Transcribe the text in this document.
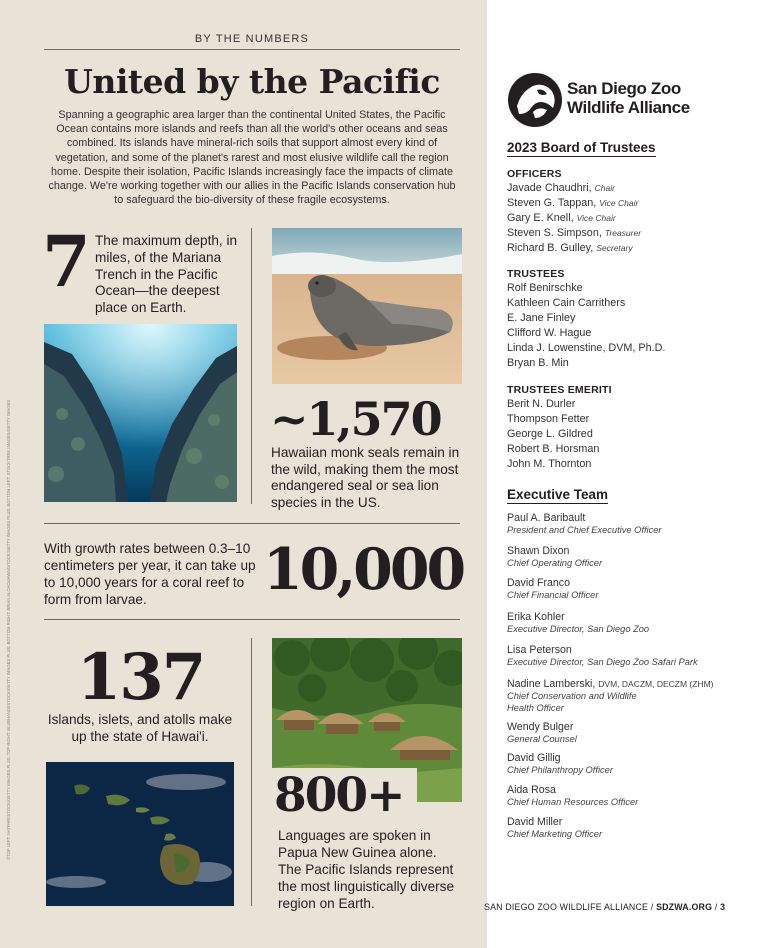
BY THE NUMBERS
United by the Pacific
Spanning a geographic area larger than the continental United States, the Pacific Ocean contains more islands and reefs than all the world's other oceans and seas combined. Its islands have mineral-rich soils that support almost every kind of vegetation, and some of the planet's rarest and most elusive wildlife call the region home. Despite their isolation, Pacific Islands increasingly face the impacts of climate change. We're working together with our allies in the Pacific Islands conservation hub to safeguard the bio-diversity of these fragile ecosystems.
7 The maximum depth, in miles, of the Mariana Trench in the Pacific Ocean—the deepest place on Earth.
~1,570
Hawaiian monk seals remain in the wild, making them the most endangered seal or sea lion species in the US.
With growth rates between 0.3–10 centimeters per year, it can take up to 10,000 years for a coral reef to form from larvae.	10,000
137
Islands, islets, and atolls make up the state of Hawai'i.
800+
Languages are spoken in Papua New Guinea alone. The Pacific Islands represent the most linguistically diverse region on Earth.
©TOP LEFT: NATPAR/ISTOCK/GETTY IMAGES PLUS; TOP RIGHT: BLUEHAND/ISTOCK/GETTY IMAGES PLUS; BOTTOM RIGHT: BRIAN ALCHOUAWA/ISTOCK/GETTY IMAGES PLUS; BOTTOM LEFT: STOCKTREK IMAGES/GETTY IMAGES
San Diego Zoo
Wildlife Alliance
2023 Board of Trustees
OFFICERS
Javade Chaudhri, Chair
Steven G. Tappan, Vice Chair
Gary E. Knell, Vice Chair
Steven S. Simpson, Treasurer
Richard B. Gulley, Secretary
TRUSTEES
Rolf Benirschke
Kathleen Cain Carrithers
E. Jane Finley
Clifford W. Hague
Linda J. Lowenstine, DVM, Ph.D.
Bryan B. Min
TRUSTEES EMERITI
Berit N. Durler
Thompson Fetter
George L. Gildred
Robert B. Horsman
John M. Thornton
Executive Team
Paul A. Baribault
President and Chief Executive Officer
Shawn Dixon
Chief Operating Officer
David Franco
Chief Financial Officer
Erika Kohler
Executive Director, San Diego Zoo
Lisa Peterson
Executive Director, San Diego Zoo Safari Park
Nadine Lamberski, DVM, DACZM, DECZM (ZHM)
Chief Conservation and Wildlife Health Officer
Wendy Bulger
General Counsel
David Gillig
Chief Philanthropy Officer
Aida Rosa
Chief Human Resources Officer
David Miller
Chief Marketing Officer
SAN DIEGO ZOO WILDLIFE ALLIANCE / SDZWA.ORG / 3
